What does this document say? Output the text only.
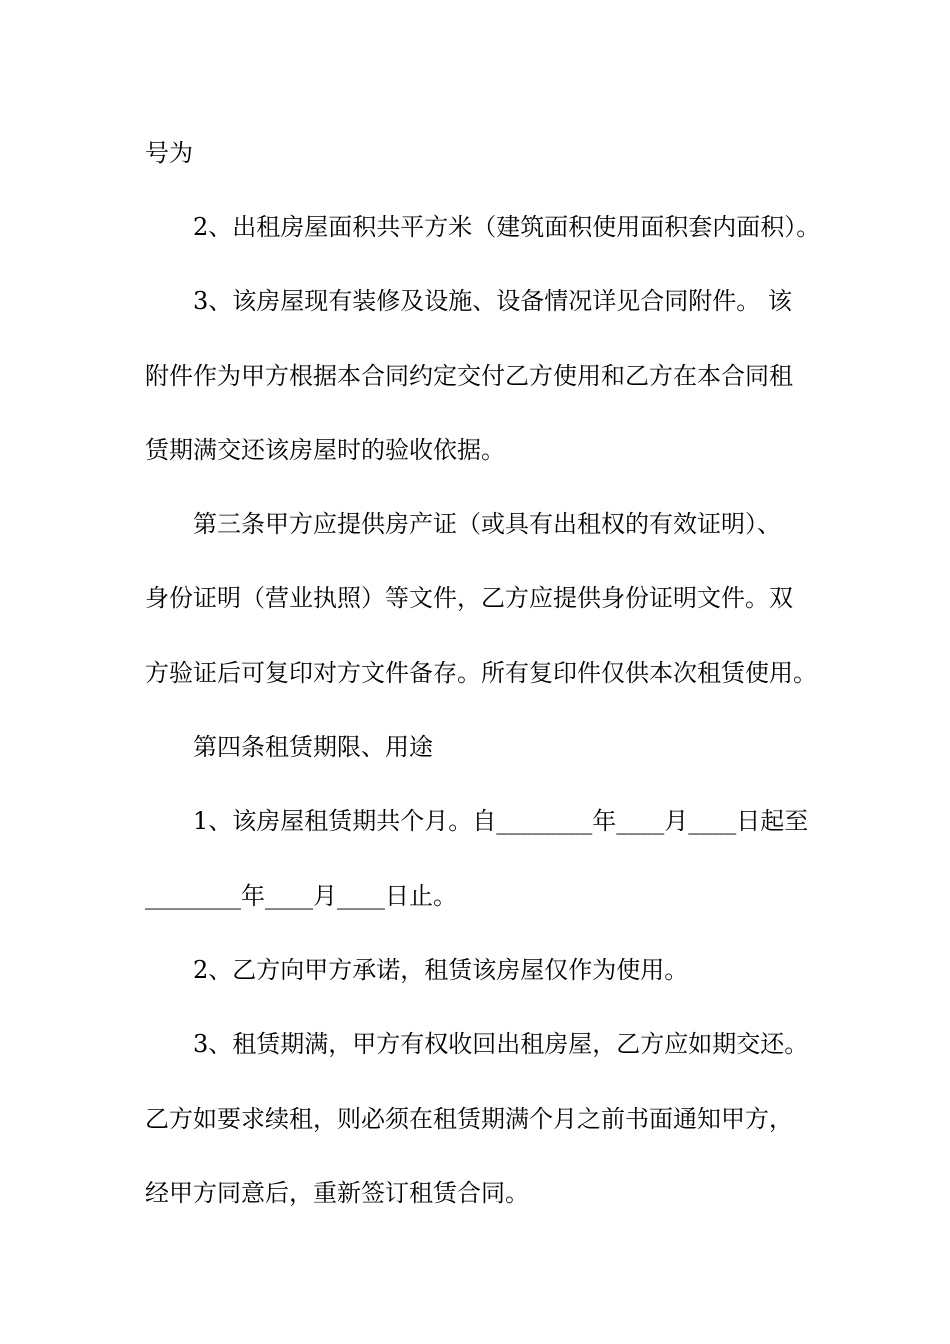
号为
2、出租房屋面积共平方米（建筑面积使用面积套内面积）。
3、该房屋现有装修及设施、设备情况详见合同附件。 该
附件作为甲方根据本合同约定交付乙方使用和乙方在本合同租
赁期满交还该房屋时的验收依据。
第三条甲方应提供房产证（或具有出租权的有效证明）、
身份证明（营业执照）等文件，乙方应提供身份证明文件。双
方验证后可复印对方文件备存。所有复印件仅供本次租赁使用。
第四条租赁期限、用途
1、该房屋租赁期共个月。自________年____月____日起至
________年____月____日止。
2、乙方向甲方承诺，租赁该房屋仅作为使用。
3、租赁期满，甲方有权收回出租房屋，乙方应如期交还。
乙方如要求续租，则必须在租赁期满个月之前书面通知甲方，
经甲方同意后，重新签订租赁合同。
